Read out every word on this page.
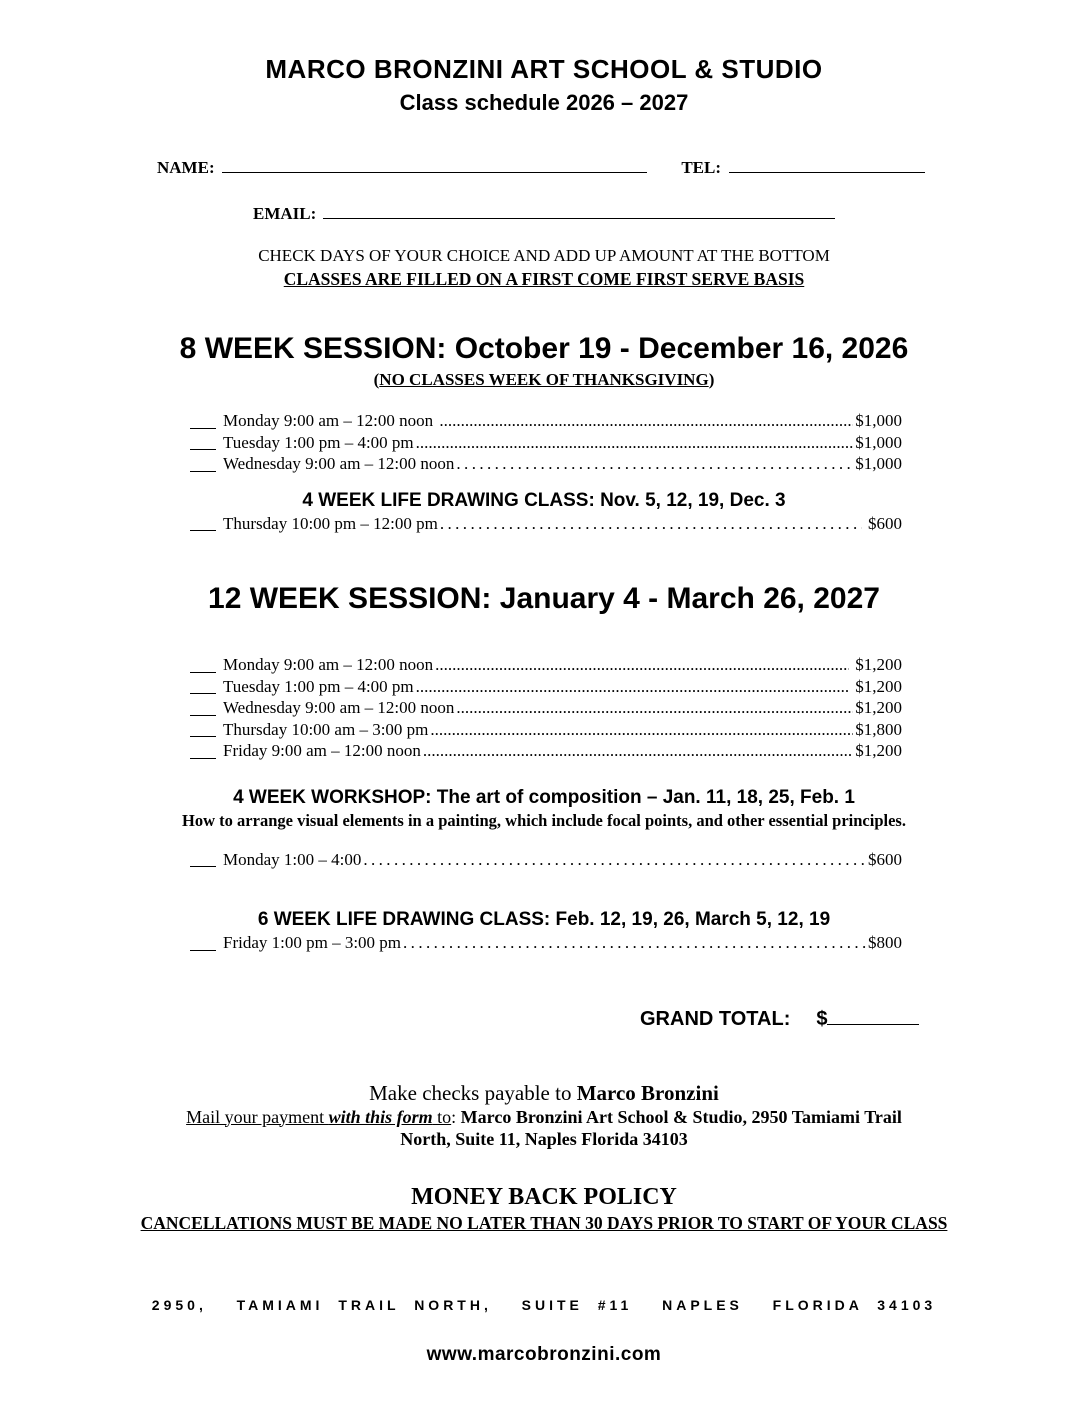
MARCO BRONZINI ART SCHOOL & STUDIO
Class schedule 2026 – 2027
NAME:	TEL:
EMAIL:
CHECK DAYS OF YOUR CHOICE AND ADD UP AMOUNT AT THE BOTTOM
CLASSES ARE FILLED ON A FIRST COME FIRST SERVE BASIS
8 WEEK SESSION: October 19 - December 16, 2026
(NO CLASSES WEEK OF THANKSGIVING)
Monday 9:00 am – 12:00 noon .....	$1,000
Tuesday 1:00 pm – 4:00 pm .....	$1,000
Wednesday 9:00 am – 12:00 noon .....	$1,000
4 WEEK LIFE DRAWING CLASS: Nov. 5, 12, 19, Dec. 3
Thursday 10:00 pm – 12:00 pm .....	$600
12 WEEK SESSION: January 4 - March 26, 2027
Monday 9:00 am – 12:00 noon .....	$1,200
Tuesday 1:00 pm – 4:00 pm .....	$1,200
Wednesday 9:00 am – 12:00 noon .....	$1,200
Thursday 10:00 am – 3:00 pm .....	$1,800
Friday 9:00 am – 12:00 noon .....	$1,200
4 WEEK WORKSHOP: The art of composition – Jan. 11, 18, 25, Feb. 1
How to arrange visual elements in a painting, which include focal points, and other essential principles.
Monday 1:00 – 4:00 .....	$600
6 WEEK LIFE DRAWING CLASS: Feb. 12, 19, 26, March 5, 12, 19
Friday 1:00 pm – 3:00 pm .....	$800
GRAND TOTAL: $
Make checks payable to Marco Bronzini
Mail your payment with this form to: Marco Bronzini Art School & Studio, 2950 Tamiami Trail
North, Suite 11, Naples Florida 34103
MONEY BACK POLICY
CANCELLATIONS MUST BE MADE NO LATER THAN 30 DAYS PRIOR TO START OF YOUR CLASS
2950,  TAMIAMI TRAIL NORTH,  SUITE #11  NAPLES  FLORIDA 34103
www.marcobronzini.com
